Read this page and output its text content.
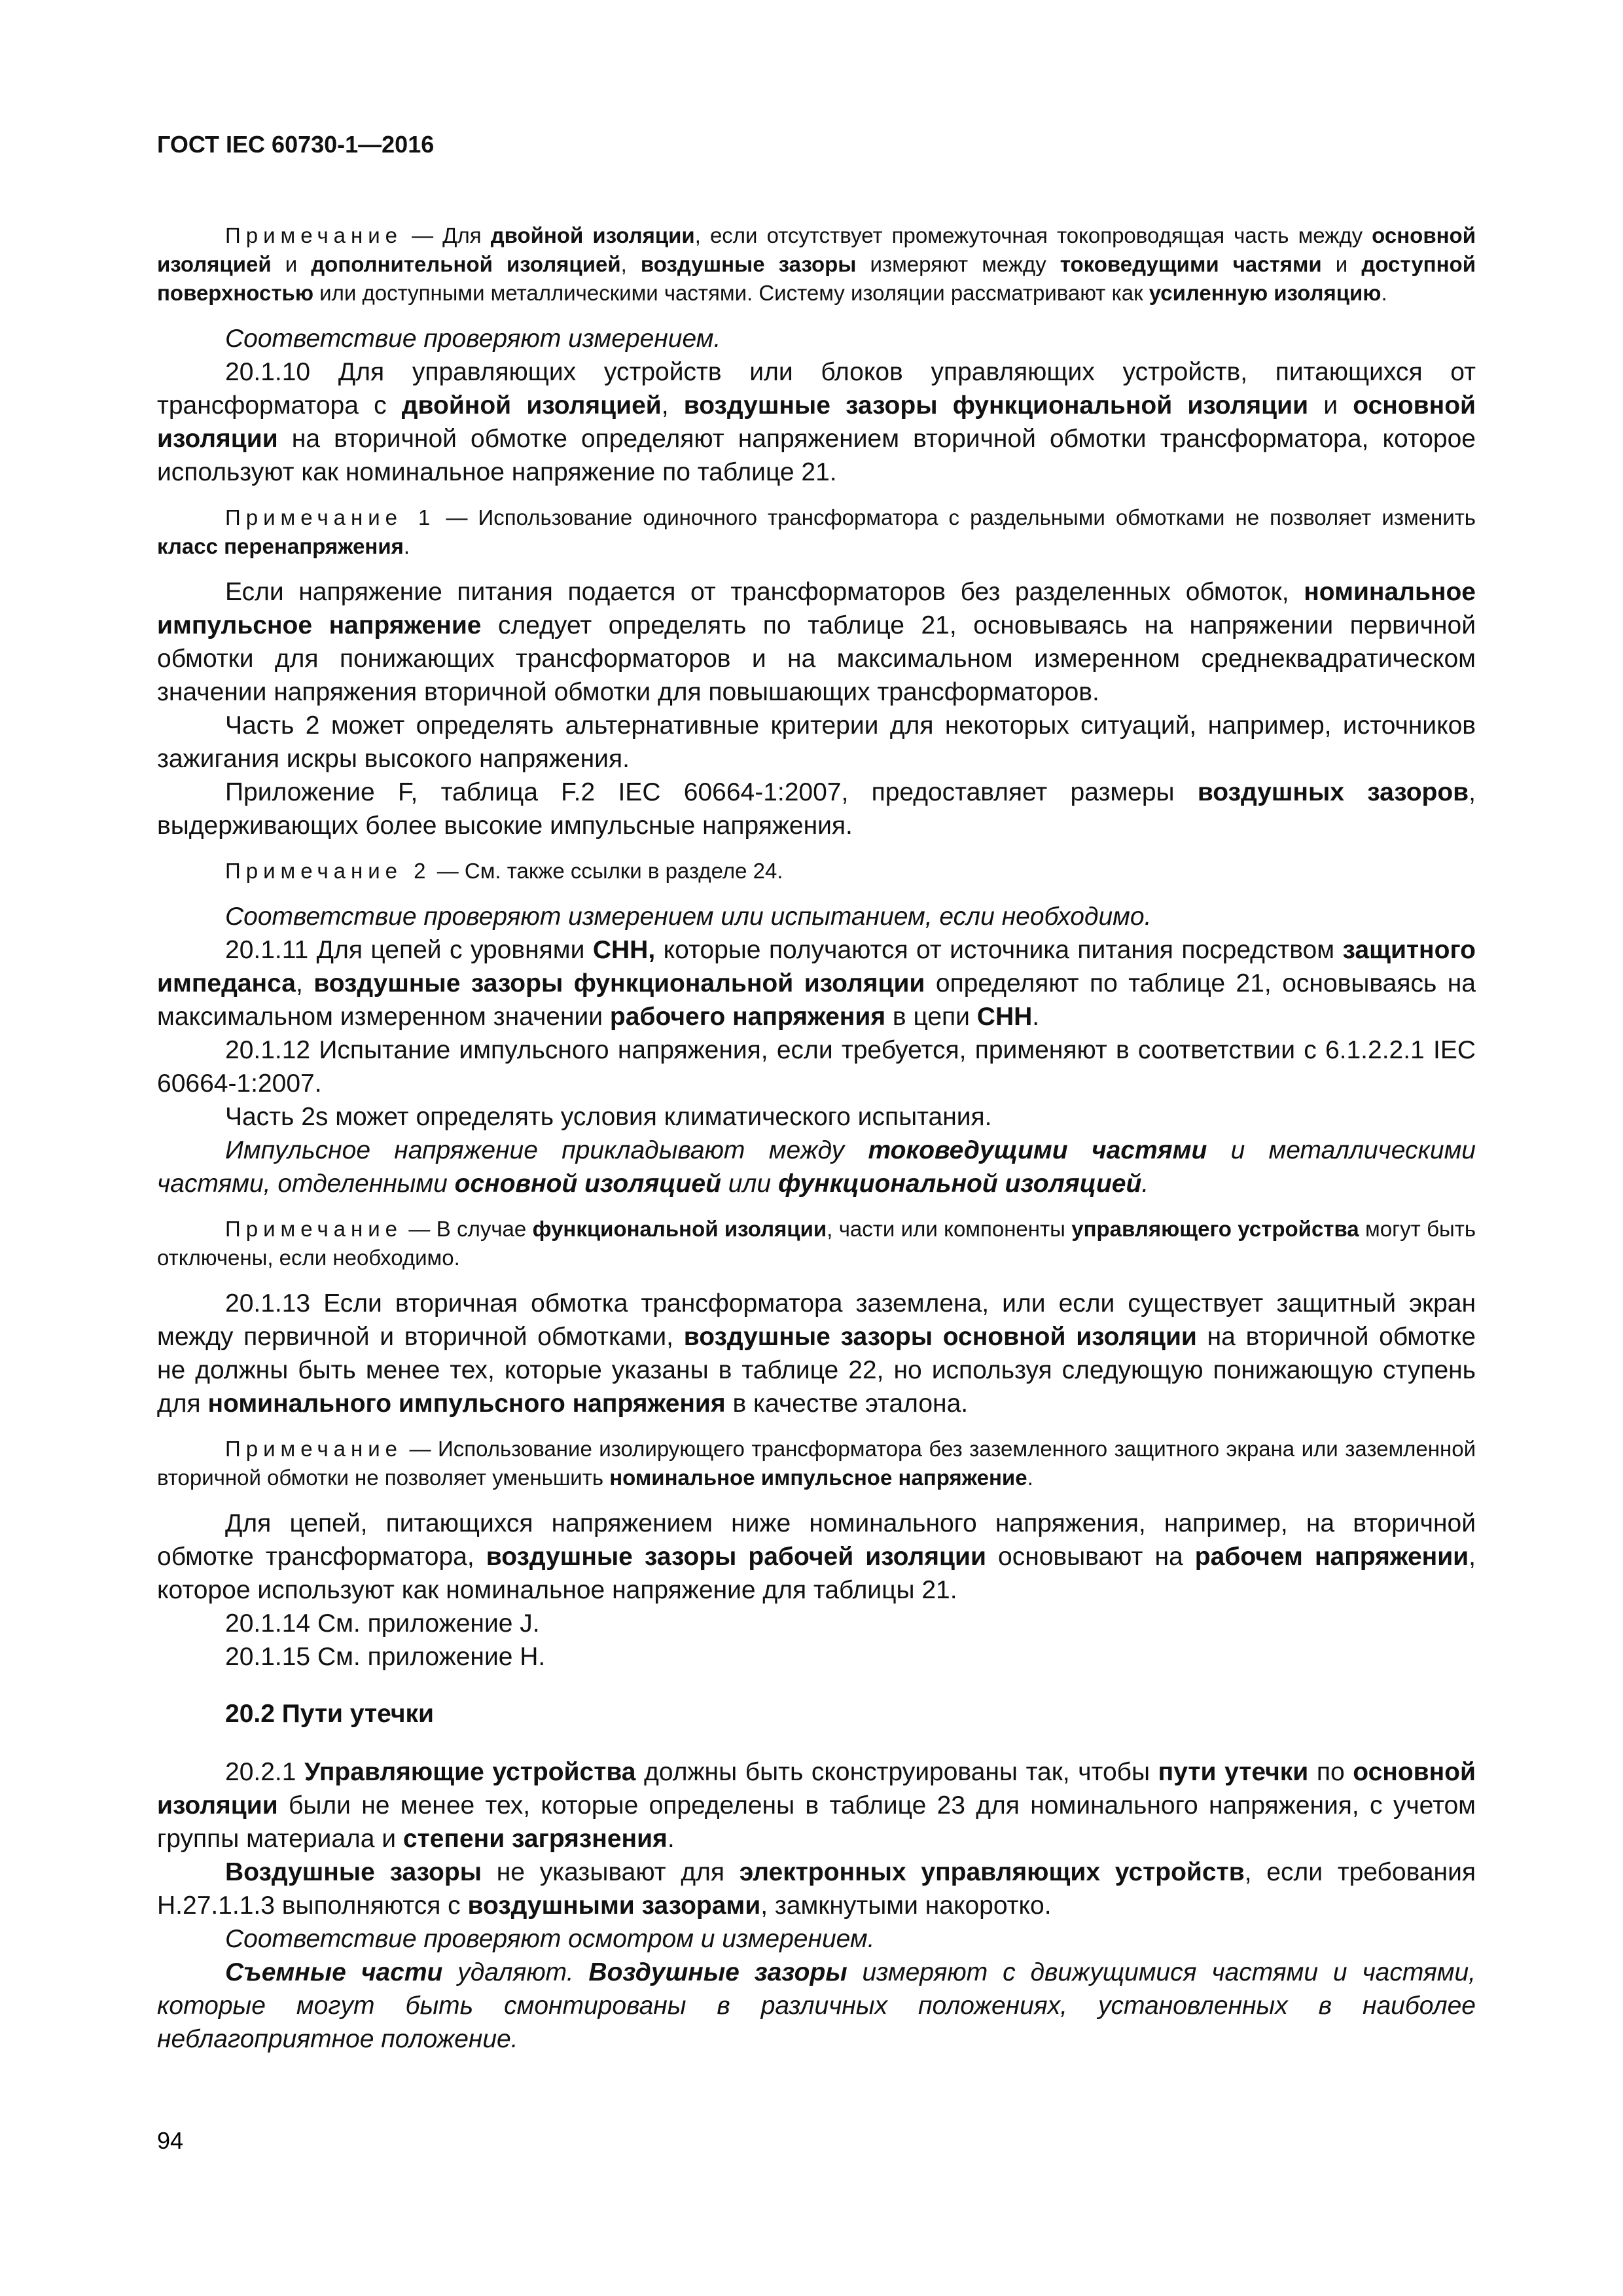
ГОСТ IEC 60730-1—2016

Примечание — Для двойной изоляции, если отсутствует промежуточная токопроводящая часть между основной изоляцией и дополнительной изоляцией, воздушные зазоры измеряют между токоведущими частями и доступной поверхностью или доступными металлическими частями. Систему изоляции рассматривают как усиленную изоляцию.

Соответствие проверяют измерением.

20.1.10 Для управляющих устройств или блоков управляющих устройств, питающихся от трансформатора с двойной изоляцией, воздушные зазоры функциональной изоляции и основной изоляции на вторичной обмотке определяют напряжением вторичной обмотки трансформатора, которое используют как номинальное напряжение по таблице 21.

Примечание 1 — Использование одиночного трансформатора с раздельными обмотками не позволяет изменить класс перенапряжения.

Если напряжение питания подается от трансформаторов без разделенных обмоток, номинальное импульсное напряжение следует определять по таблице 21, основываясь на напряжении первичной обмотки для понижающих трансформаторов и на максимальном измеренном среднеквадратическом значении напряжения вторичной обмотки для повышающих трансформаторов.

Часть 2 может определять альтернативные критерии для некоторых ситуаций, например, источников зажигания искры высокого напряжения.

Приложение F, таблица F.2 IEC 60664-1:2007, предоставляет размеры воздушных зазоров, выдерживающих более высокие импульсные напряжения.

Примечание 2 — См. также ссылки в разделе 24.

Соответствие проверяют измерением или испытанием, если необходимо.

20.1.11 Для цепей с уровнями СНН, которые получаются от источника питания посредством защитного импеданса, воздушные зазоры функциональной изоляции определяют по таблице 21, основываясь на максимальном измеренном значении рабочего напряжения в цепи СНН.

20.1.12 Испытание импульсного напряжения, если требуется, применяют в соответствии с 6.1.2.2.1 IEC 60664-1:2007.

Часть 2s может определять условия климатического испытания.

Импульсное напряжение прикладывают между токоведущими частями и металлическими частями, отделенными основной изоляцией или функциональной изоляцией.

Примечание — В случае функциональной изоляции, части или компоненты управляющего устройства могут быть отключены, если необходимо.

20.1.13 Если вторичная обмотка трансформатора заземлена, или если существует защитный экран между первичной и вторичной обмотками, воздушные зазоры основной изоляции на вторичной обмотке не должны быть менее тех, которые указаны в таблице 22, но используя следующую понижающую ступень для номинального импульсного напряжения в качестве эталона.

Примечание — Использование изолирующего трансформатора без заземленного защитного экрана или заземленной вторичной обмотки не позволяет уменьшить номинальное импульсное напряжение.

Для цепей, питающихся напряжением ниже номинального напряжения, например, на вторичной обмотке трансформатора, воздушные зазоры рабочей изоляции основывают на рабочем напряжении, которое используют как номинальное напряжение для таблицы 21.

20.1.14 См. приложение J.

20.1.15 См. приложение H.

20.2 Пути утечки

20.2.1 Управляющие устройства должны быть сконструированы так, чтобы пути утечки по основной изоляции были не менее тех, которые определены в таблице 23 для номинального напряжения, с учетом группы материала и степени загрязнения.

Воздушные зазоры не указывают для электронных управляющих устройств, если требования H.27.1.1.3 выполняются с воздушными зазорами, замкнутыми накоротко.

Соответствие проверяют осмотром и измерением.

Съемные части удаляют. Воздушные зазоры измеряют с движущимися частями и частями, которые могут быть смонтированы в различных положениях, установленных в наиболее неблагоприятное положение.

94
